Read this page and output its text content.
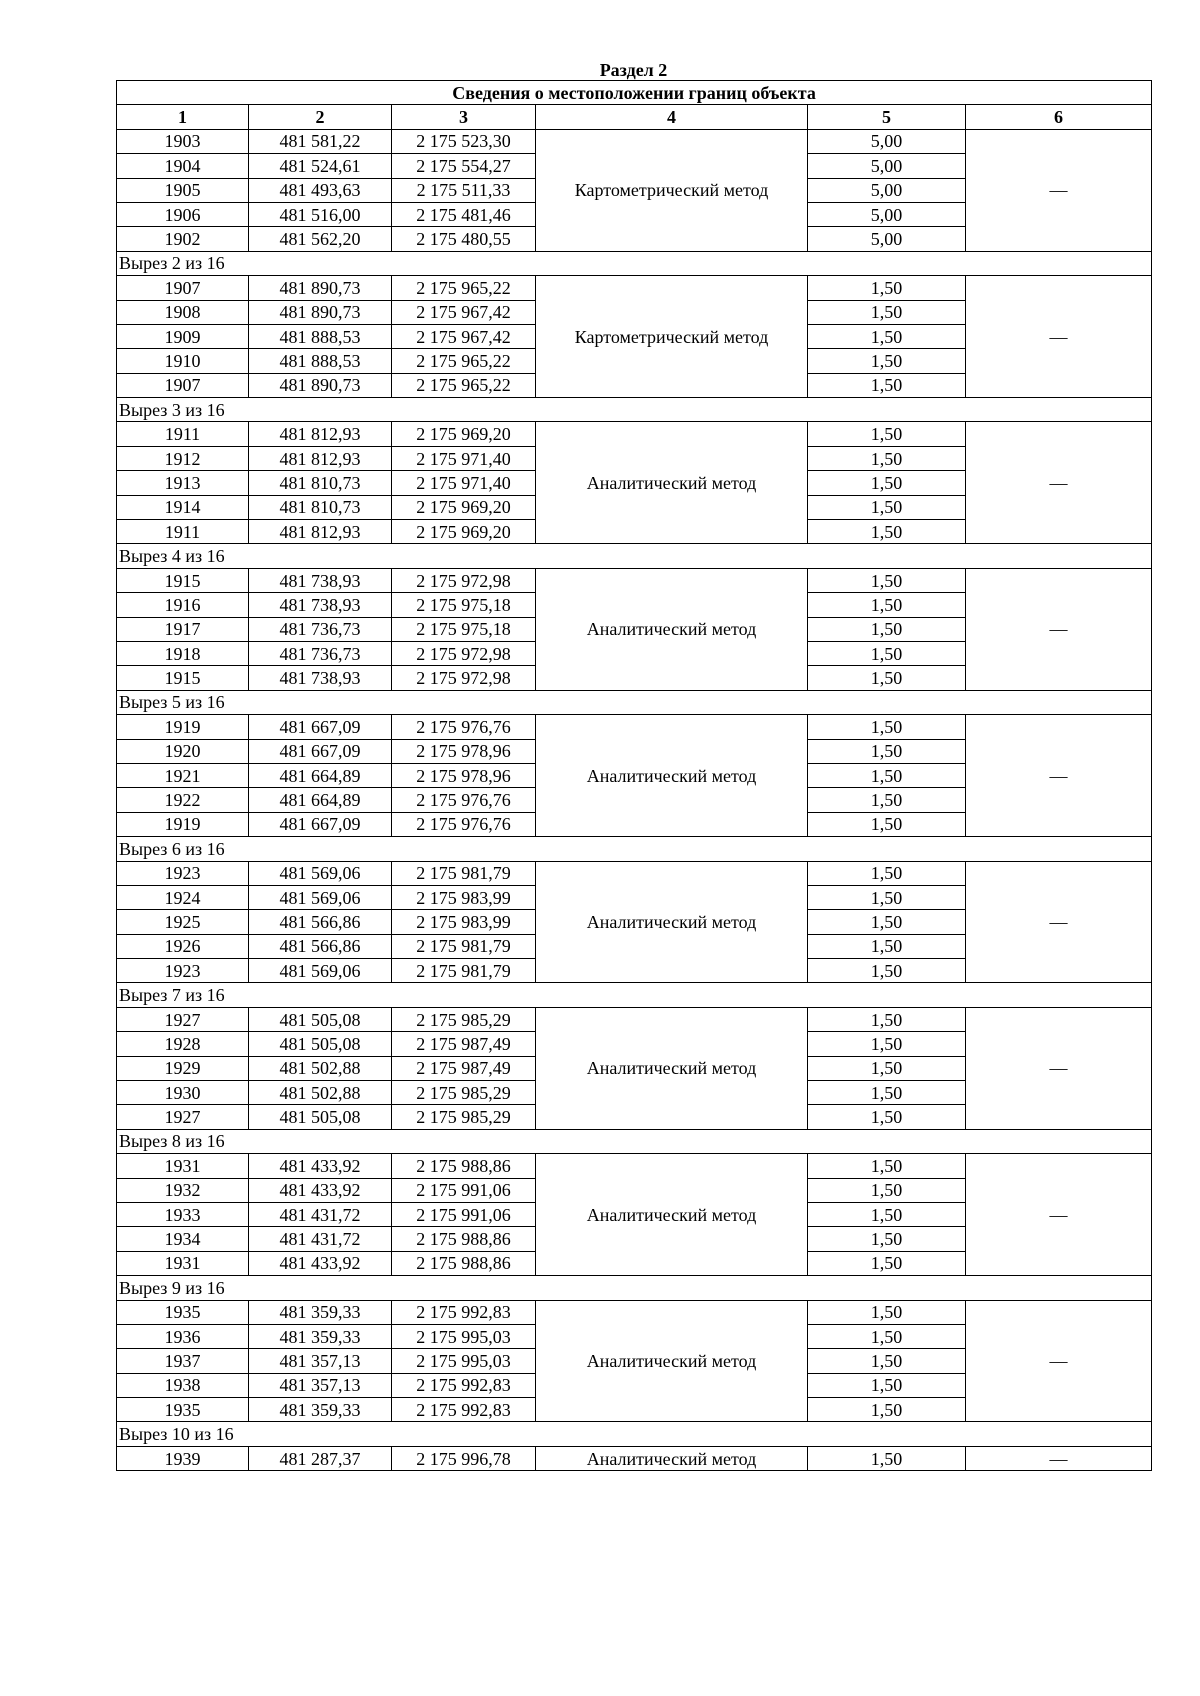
Раздел 2
Сведения о местоположении границ объекта					
1	2	3	4	5	6
1903	481 581,22	2 175 523,30	Картометрический метод	5,00	—
1904	481 524,61	2 175 554,27		5,00	
1905	481 493,63	2 175 511,33		5,00	
1906	481 516,00	2 175 481,46		5,00	
1902	481 562,20	2 175 480,55		5,00	
Вырез 2 из 16					
1907	481 890,73	2 175 965,22	Картометрический метод	1,50	—
1908	481 890,73	2 175 967,42		1,50	
1909	481 888,53	2 175 967,42		1,50	
1910	481 888,53	2 175 965,22		1,50	
1907	481 890,73	2 175 965,22		1,50	
Вырез 3 из 16					
1911	481 812,93	2 175 969,20	Аналитический метод	1,50	—
1912	481 812,93	2 175 971,40		1,50	
1913	481 810,73	2 175 971,40		1,50	
1914	481 810,73	2 175 969,20		1,50	
1911	481 812,93	2 175 969,20		1,50	
Вырез 4 из 16					
1915	481 738,93	2 175 972,98	Аналитический метод	1,50	—
1916	481 738,93	2 175 975,18		1,50	
1917	481 736,73	2 175 975,18		1,50	
1918	481 736,73	2 175 972,98		1,50	
1915	481 738,93	2 175 972,98		1,50	
Вырез 5 из 16					
1919	481 667,09	2 175 976,76	Аналитический метод	1,50	—
1920	481 667,09	2 175 978,96		1,50	
1921	481 664,89	2 175 978,96		1,50	
1922	481 664,89	2 175 976,76		1,50	
1919	481 667,09	2 175 976,76		1,50	
Вырез 6 из 16					
1923	481 569,06	2 175 981,79	Аналитический метод	1,50	—
1924	481 569,06	2 175 983,99		1,50	
1925	481 566,86	2 175 983,99		1,50	
1926	481 566,86	2 175 981,79		1,50	
1923	481 569,06	2 175 981,79		1,50	
Вырез 7 из 16					
1927	481 505,08	2 175 985,29	Аналитический метод	1,50	—
1928	481 505,08	2 175 987,49		1,50	
1929	481 502,88	2 175 987,49		1,50	
1930	481 502,88	2 175 985,29		1,50	
1927	481 505,08	2 175 985,29		1,50	
Вырез 8 из 16					
1931	481 433,92	2 175 988,86	Аналитический метод	1,50	—
1932	481 433,92	2 175 991,06		1,50	
1933	481 431,72	2 175 991,06		1,50	
1934	481 431,72	2 175 988,86		1,50	
1931	481 433,92	2 175 988,86		1,50	
Вырез 9 из 16					
1935	481 359,33	2 175 992,83	Аналитический метод	1,50	—
1936	481 359,33	2 175 995,03		1,50	
1937	481 357,13	2 175 995,03		1,50	
1938	481 357,13	2 175 992,83		1,50	
1935	481 359,33	2 175 992,83		1,50	
Вырез 10 из 16					
1939	481 287,37	2 175 996,78	Аналитический метод	1,50	—
